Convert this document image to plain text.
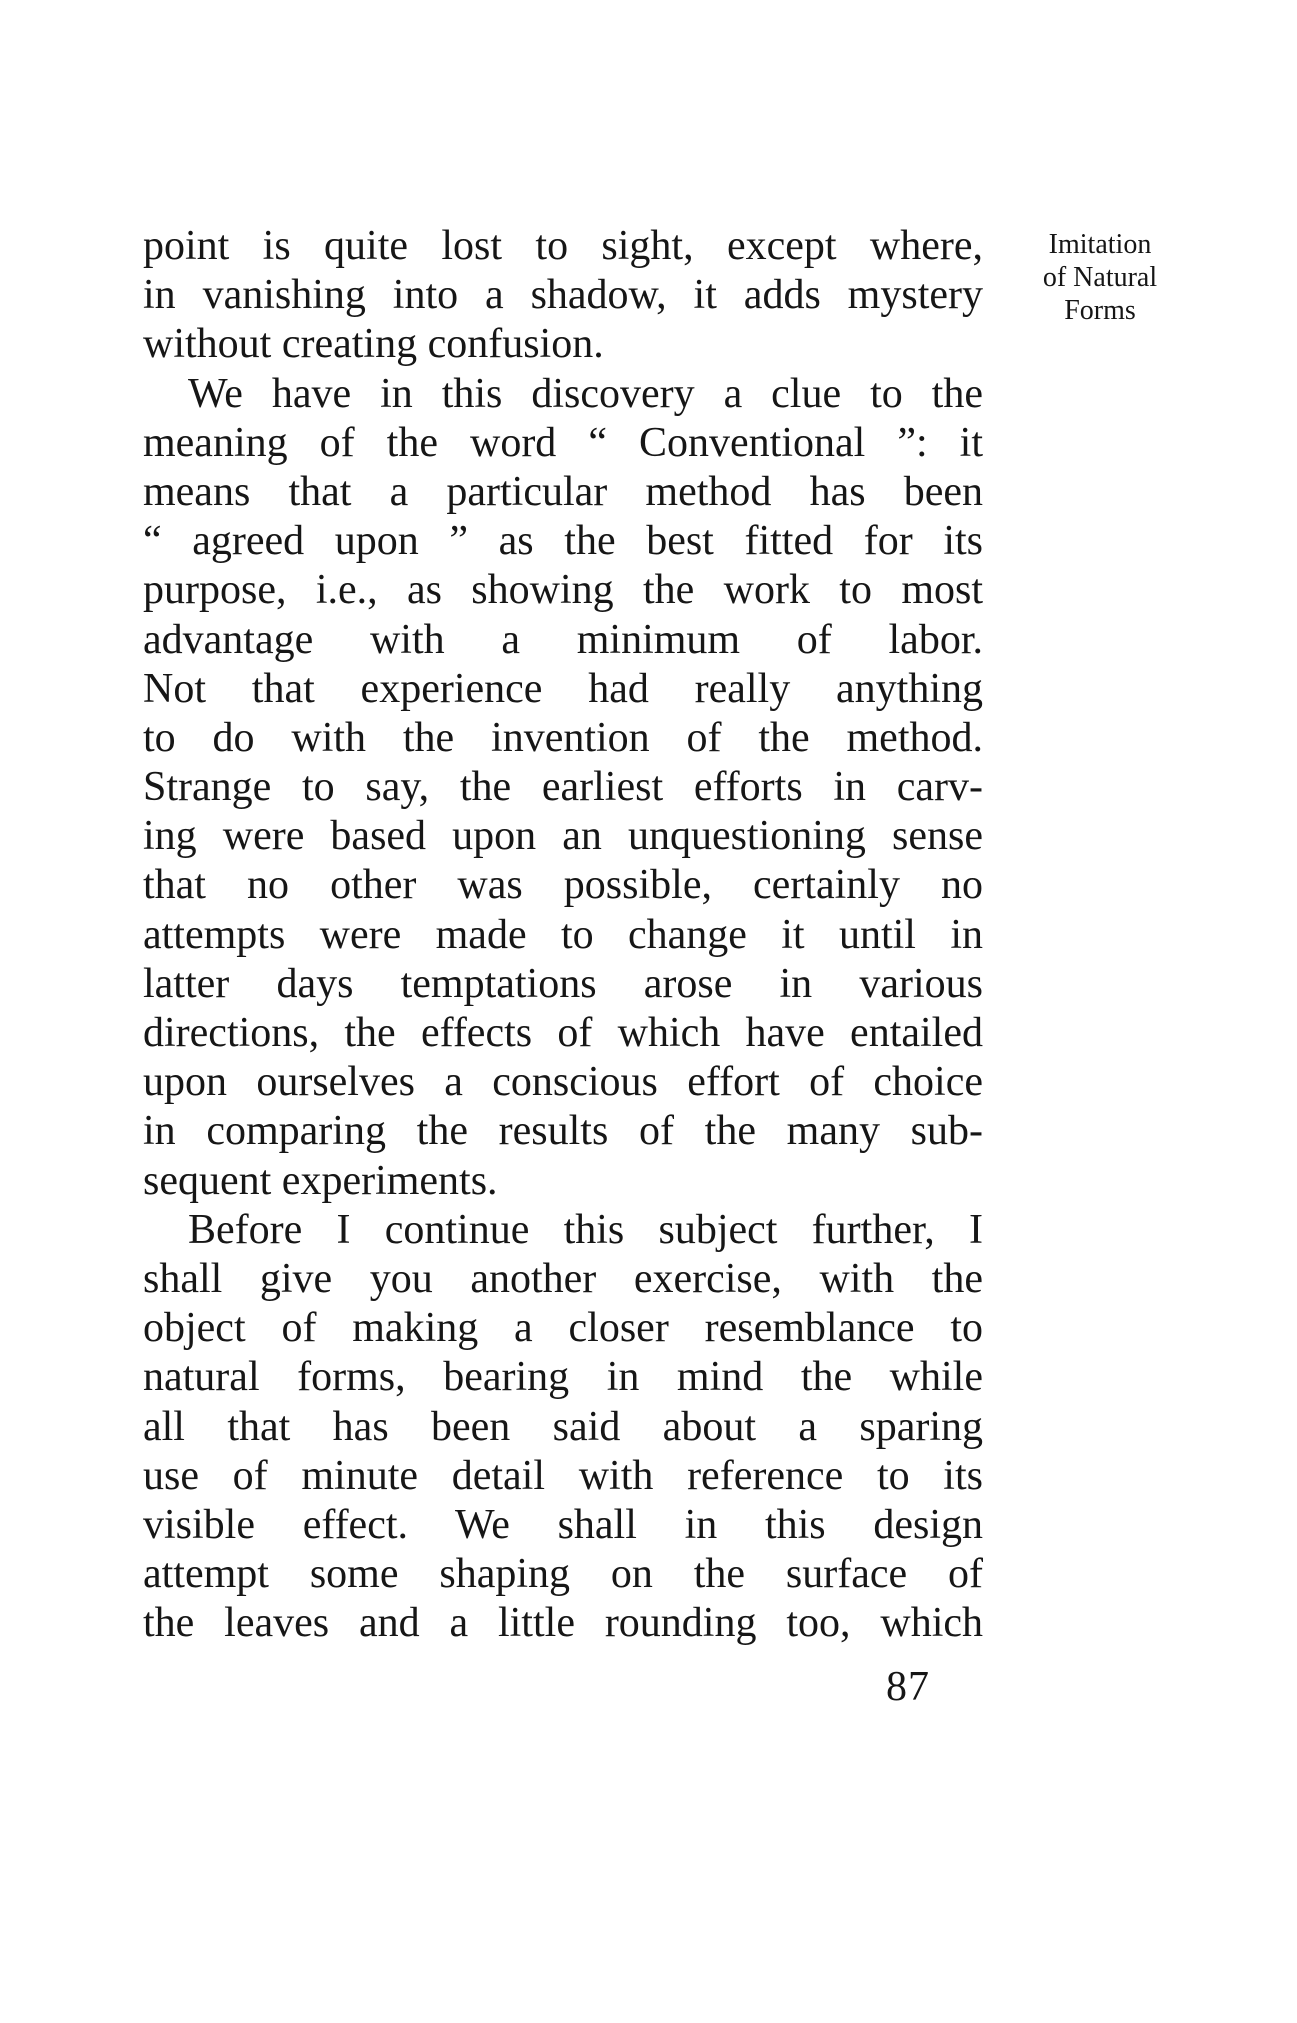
point is quite lost to sight, except where,
in vanishing into a shadow, it adds mystery
without creating confusion.
We have in this discovery a clue to the
meaning of the word “ Conventional ”: it
means that a particular method has been
“ agreed upon ” as the best fitted for its
purpose, i.e., as showing the work to most
advantage with a minimum of labor.
Not that experience had really anything
to do with the invention of the method.
Strange to say, the earliest efforts in carv-
ing were based upon an unquestioning sense
that no other was possible, certainly no
attempts were made to change it until in
latter days temptations arose in various
directions, the effects of which have entailed
upon ourselves a conscious effort of choice
in comparing the results of the many sub-
sequent experiments.
Before I continue this subject further, I
shall give you another exercise, with the
object of making a closer resemblance to
natural forms, bearing in mind the while
all that has been said about a sparing
use of minute detail with reference to its
visible effect. We shall in this design
attempt some shaping on the surface of
the leaves and a little rounding too, which
Imitation
of Natural
Forms
87
